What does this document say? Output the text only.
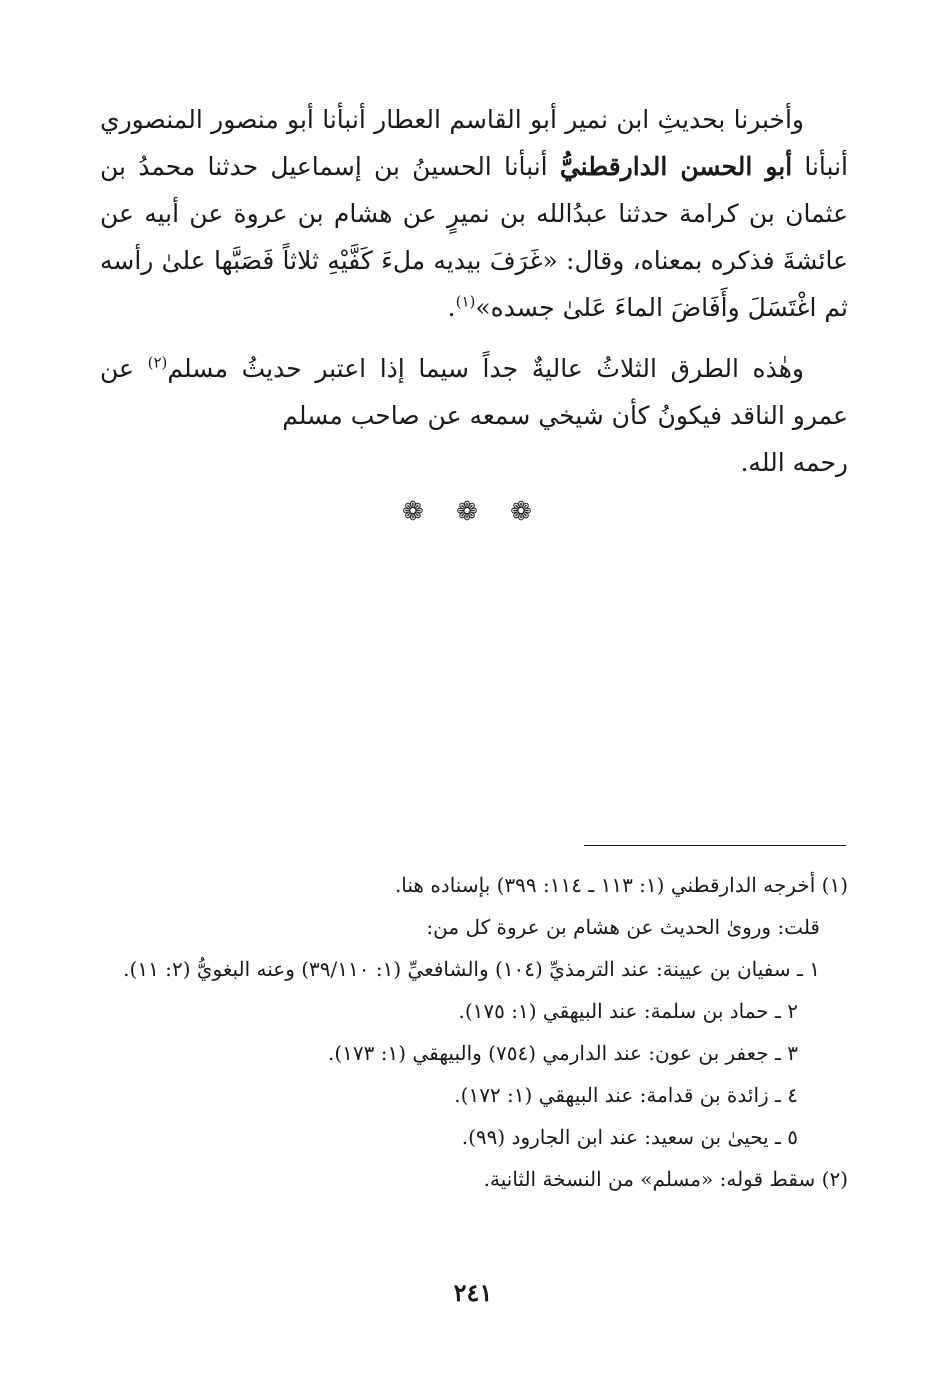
وأخبرنا بحديثِ ابن نمير أبو القاسم العطار أنبأنا أبو منصور المنصوري أنبأنا أبو الحسن الدارقطنيُّ أنبأنا الحسينُ بن إسماعيل حدثنا محمدُ بن عثمان بن كرامة حدثنا عبدُالله بن نميرٍ عن هشام بن عروة عن أبيه عن عائشةَ فذكره بمعناه، وقال: «غَرَفَ بيديه ملءَ كَفَّيْهِ ثلاثاً فَصَبَّها علىٰ رأسه ثم اغْتَسَلَ وأَفَاضَ الماءَ عَلىٰ جسده»$^{(١)}$.

وهٰذه الطرق الثلاثُ عاليةٌ جداً سيما إذا اعتبر حديثُ مسلم$^{(٢)}$ عن عمرو الناقد فيكونُ كأن شيخي سمعه عن صاحب مسلم
رحمه الله.

❁ ❁ ❁

(١) أخرجه الدارقطني (١: ١١٣ ـ ١١٤: ٣٩٩) بإسناده هنا.

قلت: ورویٰ الحديث عن هشام بن عروة كل من:

١ ـ سفيان بن عيينة: عند الترمذيِّ (١٠٤) والشافعيِّ (١: ٣٩/١١٠) وعنه البغويُّ (٢: ١١).

٢ ـ حماد بن سلمة: عند البيهقي (١: ١٧٥).

٣ ـ جعفر بن عون: عند الدارمي (٧٥٤) والبيهقي (١: ١٧٣).

٤ ـ زائدة بن قدامة: عند البيهقي (١: ١٧٢).

٥ ـ يحيىٰ بن سعيد: عند ابن الجارود (٩٩).

(٢) سقط قوله: «مسلم» من النسخة الثانية.

٢٤١
